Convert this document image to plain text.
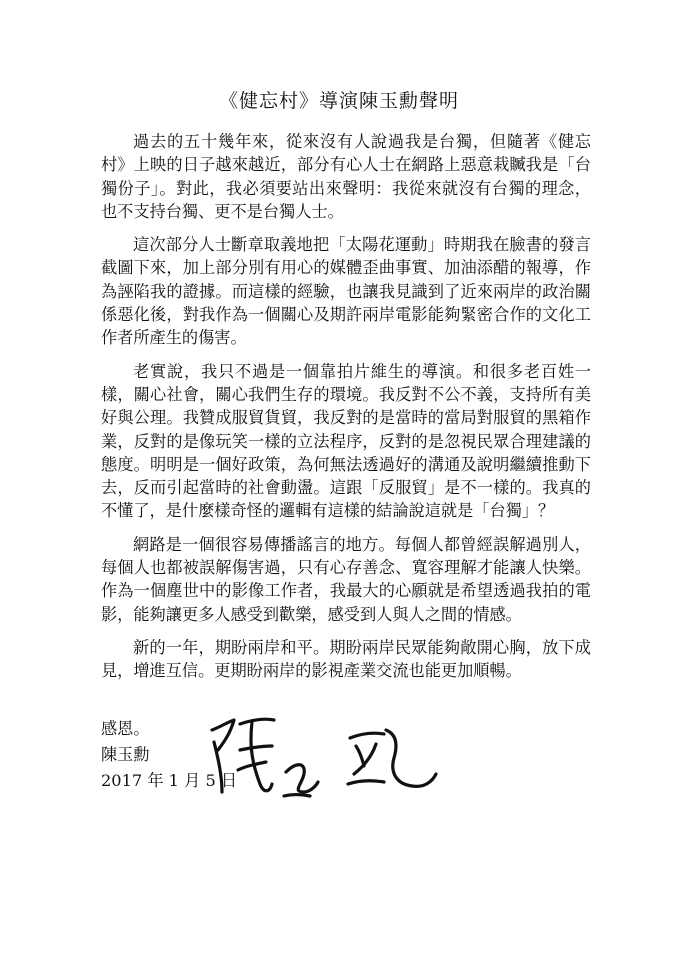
《健忘村》導演陳玉勳聲明

過去的五十幾年來，從來沒有人說過我是台獨，但隨著《健忘村》上映的日子越來越近，部分有心人士在網路上惡意栽贓我是「台獨份子」。對此，我必須要站出來聲明：我從來就沒有台獨的理念，也不支持台獨、更不是台獨人士。

這次部分人士斷章取義地把「太陽花運動」時期我在臉書的發言截圖下來，加上部分別有用心的媒體歪曲事實、加油添醋的報導，作為誣陷我的證據。而這樣的經驗，也讓我見識到了近來兩岸的政治關係惡化後，對我作為一個關心及期許兩岸電影能夠緊密合作的文化工作者所產生的傷害。

老實說，我只不過是一個靠拍片維生的導演。和很多老百姓一樣，關心社會，關心我們生存的環境。我反對不公不義，支持所有美好與公理。我贊成服貿貨貿，我反對的是當時的當局對服貿的黑箱作業，反對的是像玩笑一樣的立法程序，反對的是忽視民眾合理建議的態度。明明是一個好政策，為何無法透過好的溝通及說明繼續推動下去，反而引起當時的社會動盪。這跟「反服貿」是不一樣的。我真的不懂了，是什麼樣奇怪的邏輯有這樣的結論說這就是「台獨」？

網路是一個很容易傳播謠言的地方。每個人都曾經誤解過別人，每個人也都被誤解傷害過，只有心存善念、寬容理解才能讓人快樂。作為一個塵世中的影像工作者，我最大的心願就是希望透過我拍的電影，能夠讓更多人感受到歡樂，感受到人與人之間的情感。

新的一年，期盼兩岸和平。期盼兩岸民眾能夠敞開心胸，放下成見，增進互信。更期盼兩岸的影視產業交流也能更加順暢。

感恩。
陳玉勳
2017 年 1 月 5 日
